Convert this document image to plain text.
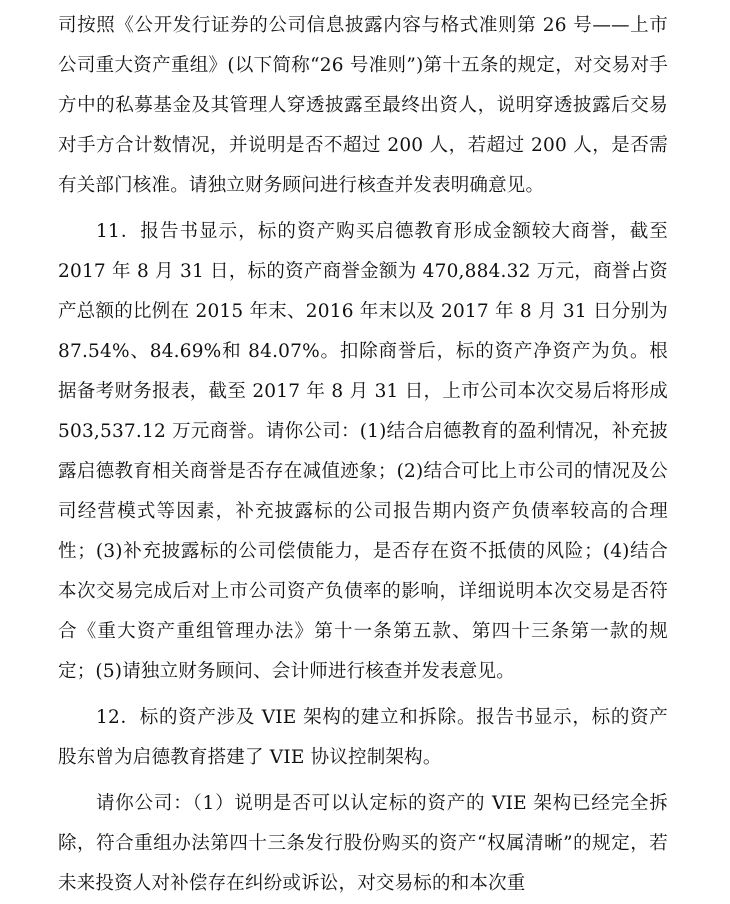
司按照《公开发行证券的公司信息披露内容与格式准则第 26 号——上市公司重大资产重组》(以下简称“26 号准则”)第十五条的规定，对交易对手方中的私募基金及其管理人穿透披露至最终出资人，说明穿透披露后交易对手方合计数情况，并说明是否不超过 200 人，若超过 200 人，是否需有关部门核准。请独立财务顾问进行核查并发表明确意见。

11．报告书显示，标的资产购买启德教育形成金额较大商誉，截至 2017 年 8 月 31 日，标的资产商誉金额为 470,884.32 万元，商誉占资产总额的比例在 2015 年末、2016 年末以及 2017 年 8 月 31 日分别为 87.54%、84.69%和 84.07%。扣除商誉后，标的资产净资产为负。根据备考财务报表，截至 2017 年 8 月 31 日，上市公司本次交易后将形成 503,537.12 万元商誉。请你公司：(1)结合启德教育的盈利情况，补充披露启德教育相关商誉是否存在减值迹象；(2)结合可比上市公司的情况及公司经营模式等因素，补充披露标的公司报告期内资产负债率较高的合理性；(3)补充披露标的公司偿债能力，是否存在资不抵债的风险；(4)结合本次交易完成后对上市公司资产负债率的影响，详细说明本次交易是否符合《重大资产重组管理办法》第十一条第五款、第四十三条第一款的规定；(5)请独立财务顾问、会计师进行核查并发表意见。

12．标的资产涉及 VIE 架构的建立和拆除。报告书显示，标的资产股东曾为启德教育搭建了 VIE 协议控制架构。

请你公司：（1）说明是否可以认定标的资产的 VIE 架构已经完全拆除，符合重组办法第四十三条发行股份购买的资产“权属清晰”的规定，若未来投资人对补偿存在纠纷或诉讼，对交易标的和本次重
